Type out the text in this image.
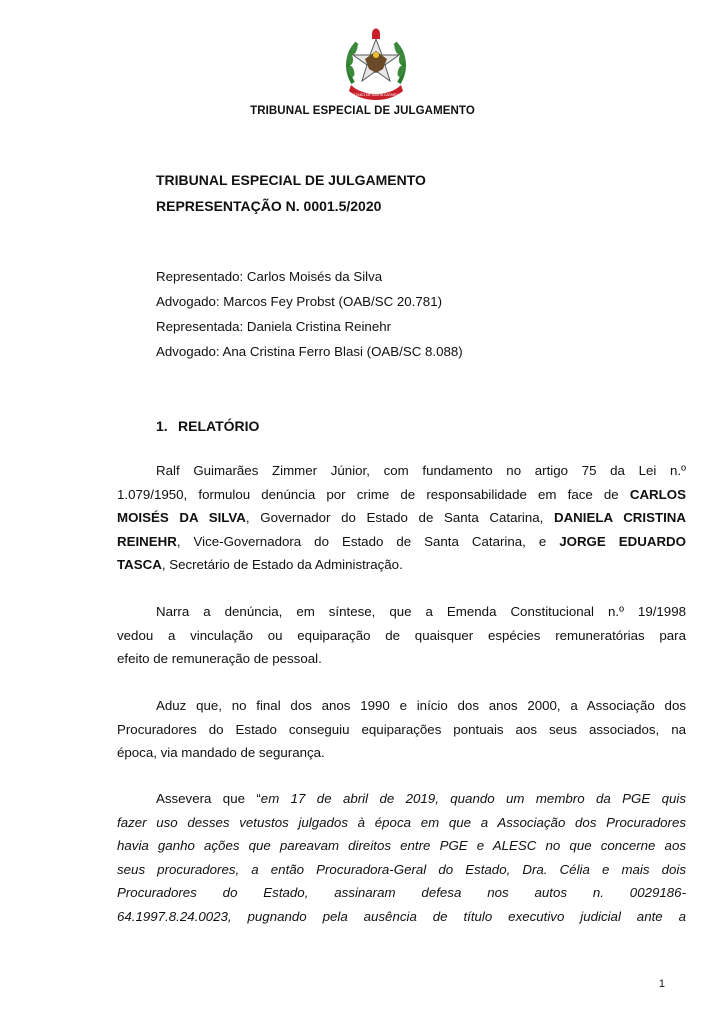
ESTADO DE SANTA CATARINA
TRIBUNAL ESPECIAL DE JULGAMENTO
TRIBUNAL ESPECIAL DE JULGAMENTO
REPRESENTAÇÃO N. 0001.5/2020
Representado: Carlos Moisés da Silva
Advogado: Marcos Fey Probst (OAB/SC 20.781)
Representada: Daniela Cristina Reinehr
Advogado: Ana Cristina Ferro Blasi (OAB/SC 8.088)
1. RELATÓRIO
Ralf Guimarães Zimmer Júnior, com fundamento no artigo 75 da Lei n.º
1.079/1950, formulou denúncia por crime de responsabilidade em face de CARLOS
MOISÉS DA SILVA, Governador do Estado de Santa Catarina, DANIELA CRISTINA
REINEHR, Vice-Governadora do Estado de Santa Catarina, e JORGE EDUARDO
TASCA, Secretário de Estado da Administração.
Narra a denúncia, em síntese, que a Emenda Constitucional n.º 19/1998
vedou a vinculação ou equiparação de quaisquer espécies remuneratórias para
efeito de remuneração de pessoal.
Aduz que, no final dos anos 1990 e início dos anos 2000, a Associação dos
Procuradores do Estado conseguiu equiparações pontuais aos seus associados, na
época, via mandado de segurança.
Assevera que “em 17 de abril de 2019, quando um membro da PGE quis
fazer uso desses vetustos julgados à época em que a Associação dos Procuradores
havia ganho ações que pareavam direitos entre PGE e ALESC no que concerne aos
seus procuradores, a então Procuradora-Geral do Estado, Dra. Célia e mais dois
Procuradores do Estado, assinaram defesa nos autos n. 0029186-
64.1997.8.24.0023, pugnando pela ausência de título executivo judicial ante a
1
